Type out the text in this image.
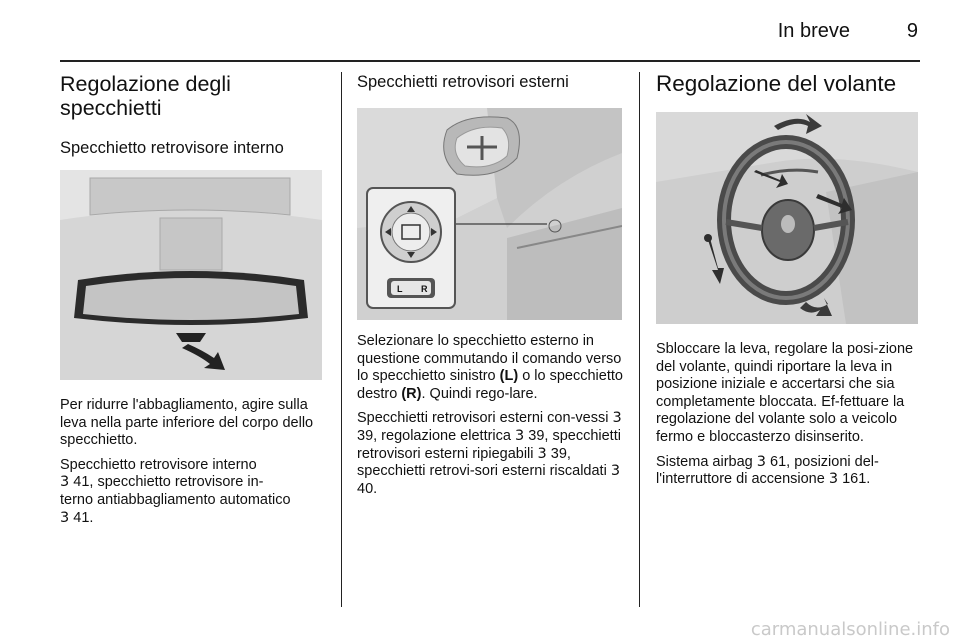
In breve	9
Regolazione degli specchietti
Specchietto retrovisore interno

Per ridurre l'abbagliamento, agire sulla leva nella parte inferiore del corpo dello specchietto.

Specchietto retrovisore interno
3 41, specchietto retrovisore in-
terno antiabbagliamento automatico
3 41.

Specchietti retrovisori esterni
L R

Selezionare lo specchietto esterno in questione commutando il comando verso lo specchietto sinistro (L) o lo specchietto destro (R). Quindi rego-lare.

Specchietti retrovisori esterni con-vessi 3 39, regolazione elettrica 3 39, specchietti retrovisori esterni ripiegabili 3 39, specchietti retrovi-sori esterni riscaldati 3 40.

Regolazione del volante

Sbloccare la leva, regolare la posi-zione del volante, quindi riportare la leva in posizione iniziale e accertarsi che sia completamente bloccata. Ef-fettuare la regolazione del volante solo a veicolo fermo e bloccasterzo disinserito.

Sistema airbag 3 61, posizioni del-l'interruttore di accensione 3 161.

carmanualsonline.info
